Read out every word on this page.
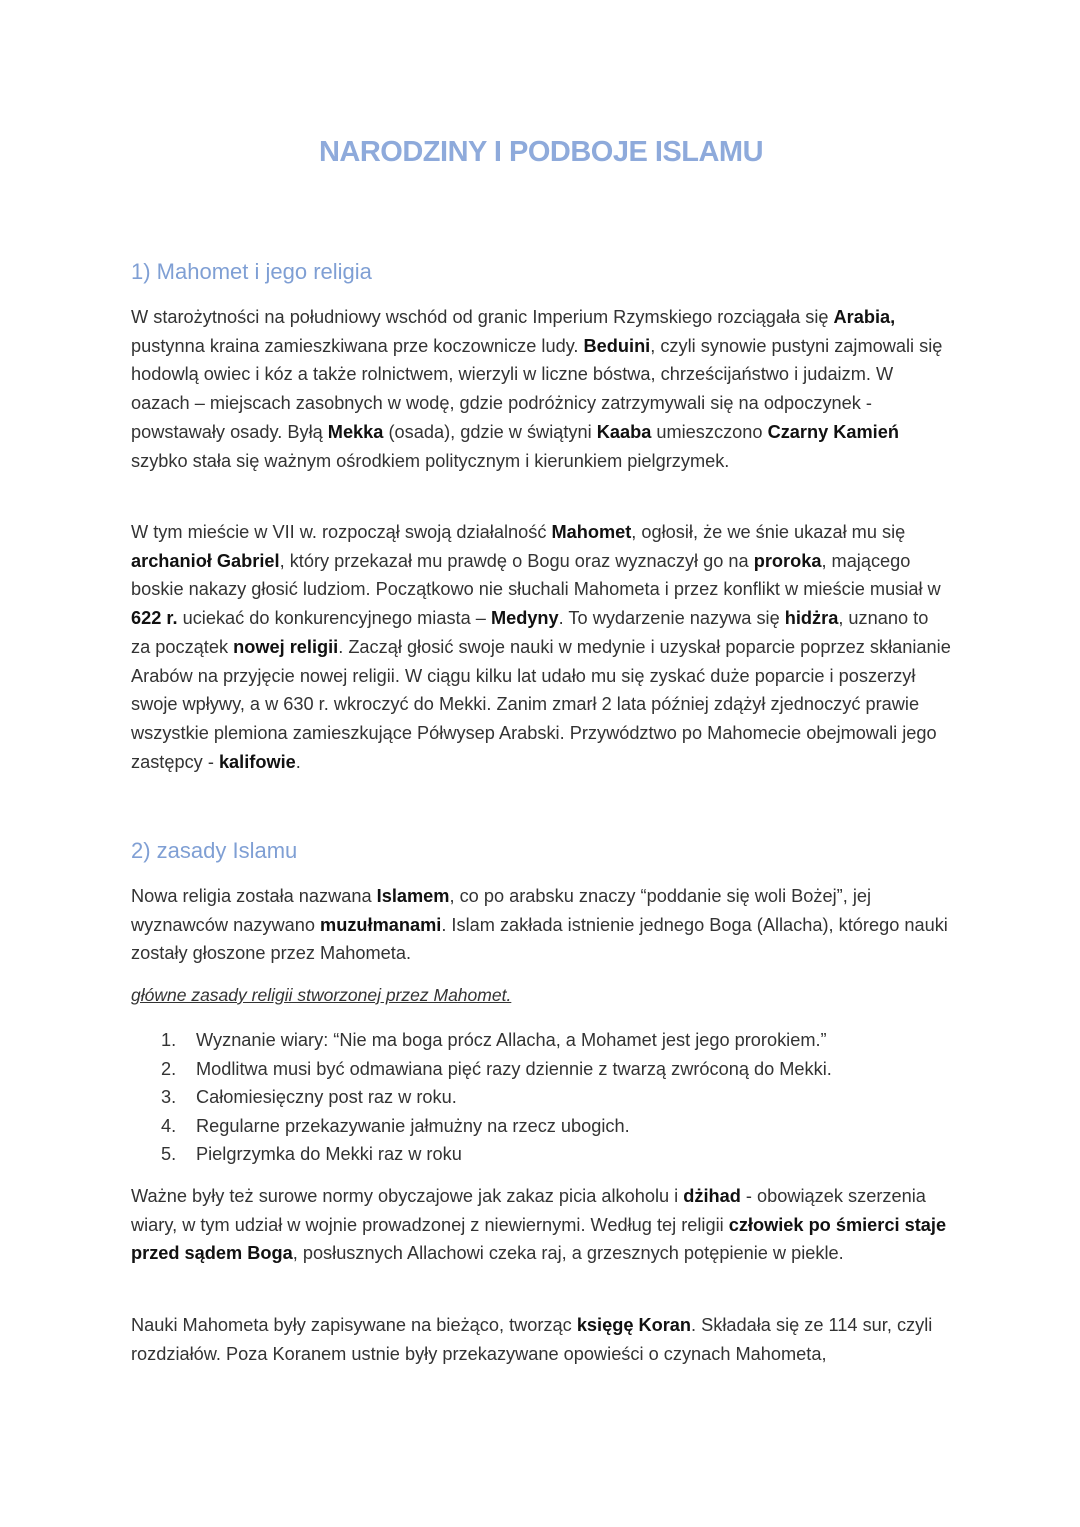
NARODZINY I PODBOJE ISLAMU
1) Mahomet i jego religia

W starożytności na południowy wschód od granic Imperium Rzymskiego rozciągała się Arabia, pustynna kraina zamieszkiwana prze koczownicze ludy. Beduini, czyli synowie pustyni zajmowali się hodowlą owiec i kóz a także rolnictwem, wierzyli w liczne bóstwa, chrześcijaństwo i judaizm. W oazach – miejscach zasobnych w wodę, gdzie podróżnicy zatrzymywali się na odpoczynek - powstawały osady. Byłą Mekka (osada), gdzie w świątyni Kaaba umieszczono Czarny Kamień szybko stała się ważnym ośrodkiem politycznym i kierunkiem pielgrzymek.

W tym mieście w VII w. rozpoczął swoją działalność Mahomet, ogłosił, że we śnie ukazał mu się archanioł Gabriel, który przekazał mu prawdę o Bogu oraz wyznaczył go na proroka, mającego boskie nakazy głosić ludziom. Początkowo nie słuchali Mahometa i przez konflikt w mieście musiał w 622 r. uciekać do konkurencyjnego miasta – Medyny. To wydarzenie nazywa się hidżra, uznano to za początek nowej religii. Zaczął głosić swoje nauki w medynie i uzyskał poparcie poprzez skłanianie Arabów na przyjęcie nowej religii. W ciągu kilku lat udało mu się zyskać duże poparcie i poszerzył swoje wpływy, a w 630 r. wkroczyć do Mekki. Zanim zmarł 2 lata później zdążył zjednoczyć prawie wszystkie plemiona zamieszkujące Półwysep Arabski. Przywództwo po Mahomecie obejmowali jego zastępcy - kalifowie.

2) zasady Islamu

Nowa religia została nazwana Islamem, co po arabsku znaczy “poddanie się woli Bożej”, jej wyznawców nazywano muzułmanami. Islam zakłada istnienie jednego Boga (Allacha), którego nauki zostały głoszone przez Mahometa.

główne zasady religii stworzonej przez Mahomet.

1.	Wyznanie wiary: “Nie ma boga prócz Allacha, a Mohamet jest jego prorokiem.”
2.	Modlitwa musi być odmawiana pięć razy dziennie z twarzą zwróconą do Mekki.
3.	Całomiesięczny post raz w roku.
4.	Regularne przekazywanie jałmużny na rzecz ubogich.
5.	Pielgrzymka do Mekki raz w roku

Ważne były też surowe normy obyczajowe jak zakaz picia alkoholu i dżihad - obowiązek szerzenia wiary, w tym udział w wojnie prowadzonej z niewiernymi. Według tej religii człowiek po śmierci staje przed sądem Boga, posłusznych Allachowi czeka raj, a grzesznych potępienie w piekle.

Nauki Mahometa były zapisywane na bieżąco, tworząc księgę Koran. Składała się ze 114 sur, czyli rozdziałów. Poza Koranem ustnie były przekazywane opowieści o czynach Mahometa,
